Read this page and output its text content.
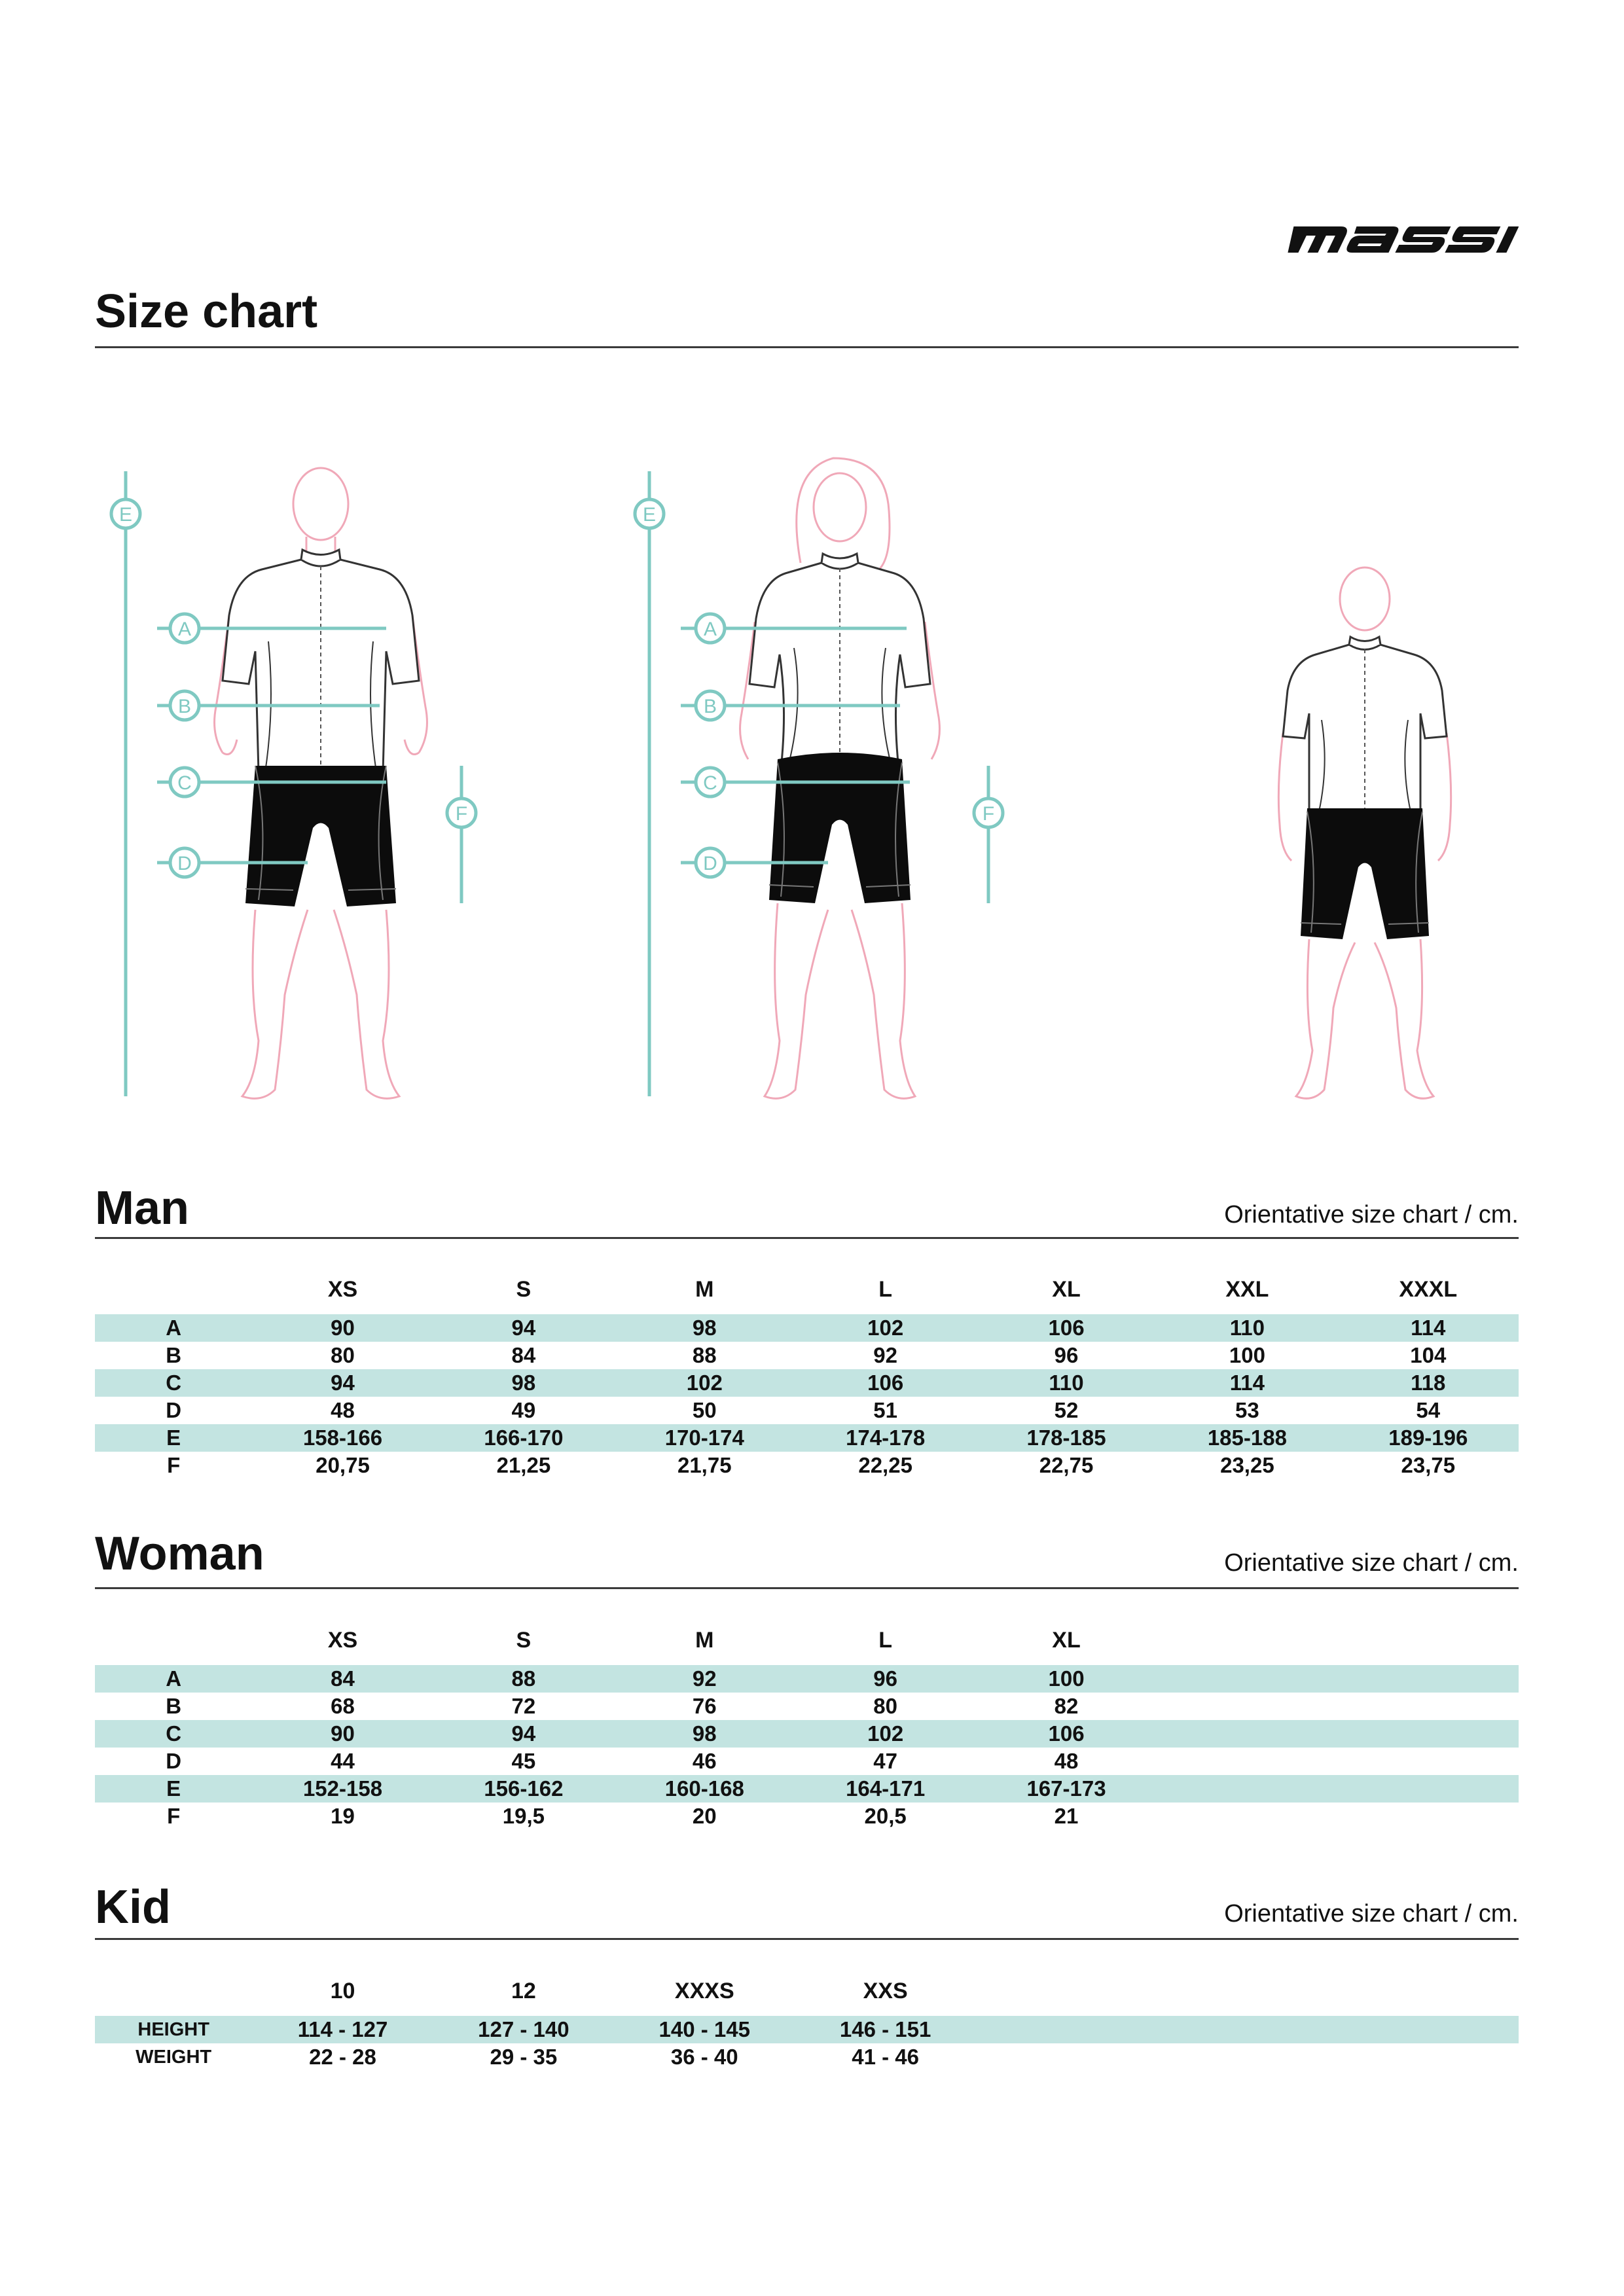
Size chart
E
A
B
C
D
F
E
A
B
C
D
F
Man	Orientative size chart / cm.
	XS	S	M	L	XL	XXL	XXXL
A	90	94	98	102	106	110	114
B	80	84	88	92	96	100	104
C	94	98	102	106	110	114	118
D	48	49	50	51	52	53	54
E	158-166	166-170	170-174	174-178	178-185	185-188	189-196
F	20,75	21,25	21,75	22,25	22,75	23,25	23,75
Woman	Orientative size chart / cm.
	XS	S	M	L	XL		
A	84	88	92	96	100		
B	68	72	76	80	82		
C	90	94	98	102	106		
D	44	45	46	47	48		
E	152-158	156-162	160-168	164-171	167-173		
F	19	19,5	20	20,5	21		
Kid	Orientative size chart / cm.
	10	12	XXXS	XXS			
HEIGHT	114 - 127	127 - 140	140 - 145	146 - 151			
WEIGHT	22 - 28	29 - 35	36 - 40	41 - 46			
